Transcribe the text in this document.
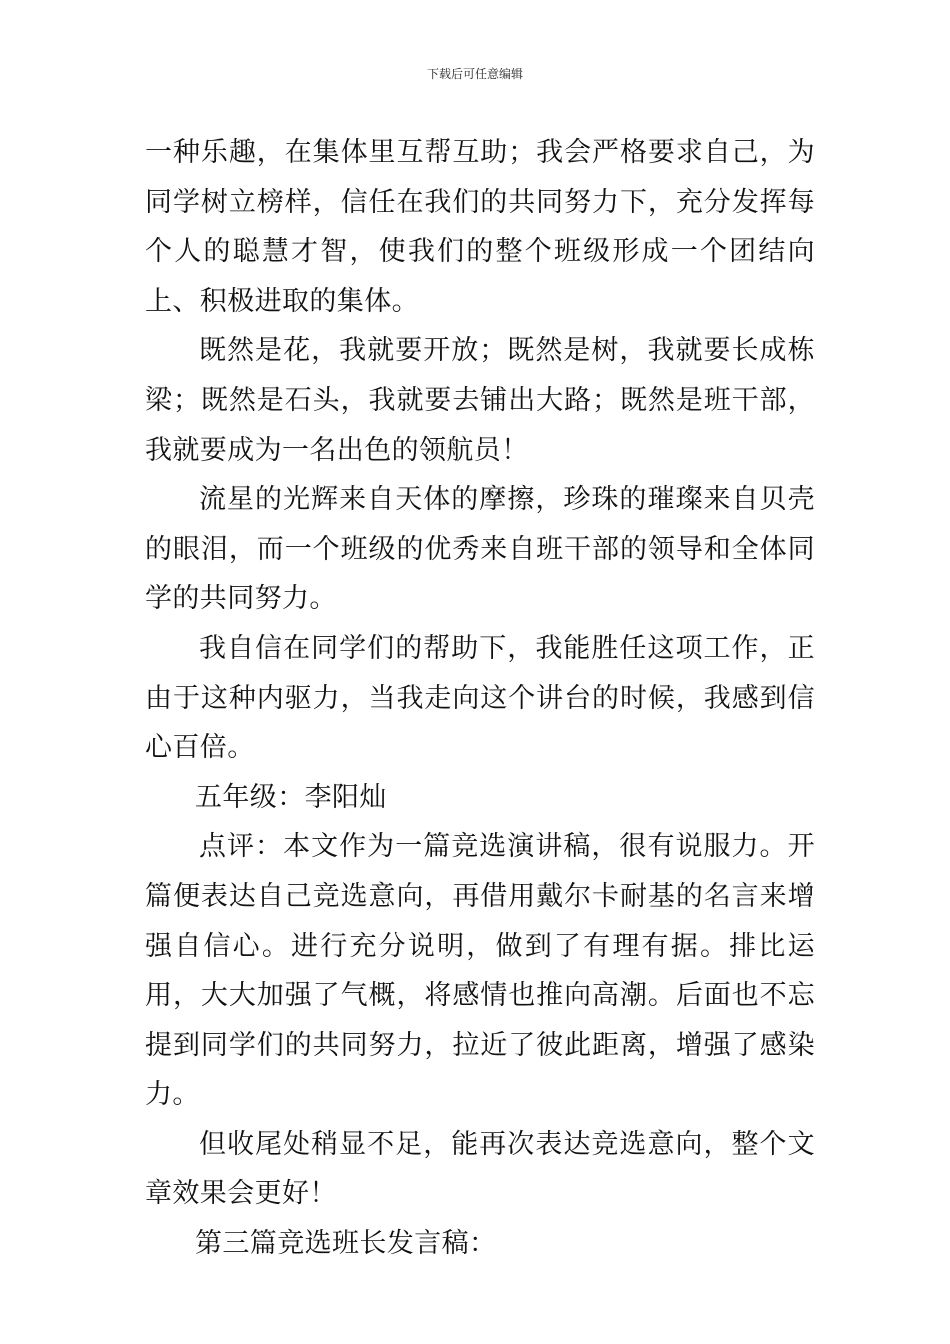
下载后可任意编辑

一种乐趣，在集体里互帮互助；我会严格要求自己，为同学树立榜样，信任在我们的共同努力下，充分发挥每个人的聪慧才智，使我们的整个班级形成一个团结向上、积极进取的集体。

既然是花，我就要开放；既然是树，我就要长成栋梁；既然是石头，我就要去铺出大路；既然是班干部，我就要成为一名出色的领航员！

流星的光辉来自天体的摩擦，珍珠的璀璨来自贝壳的眼泪，而一个班级的优秀来自班干部的领导和全体同学的共同努力。

我自信在同学们的帮助下，我能胜任这项工作，正由于这种内驱力，当我走向这个讲台的时候，我感到信心百倍。

五年级：李阳灿

点评：本文作为一篇竞选演讲稿，很有说服力。开篇便表达自己竞选意向，再借用戴尔卡耐基的名言来增强自信心。进行充分说明，做到了有理有据。排比运用，大大加强了气概，将感情也推向高潮。后面也不忘提到同学们的共同努力，拉近了彼此距离，增强了感染力。

但收尾处稍显不足，能再次表达竞选意向，整个文章效果会更好！

第三篇竞选班长发言稿：
